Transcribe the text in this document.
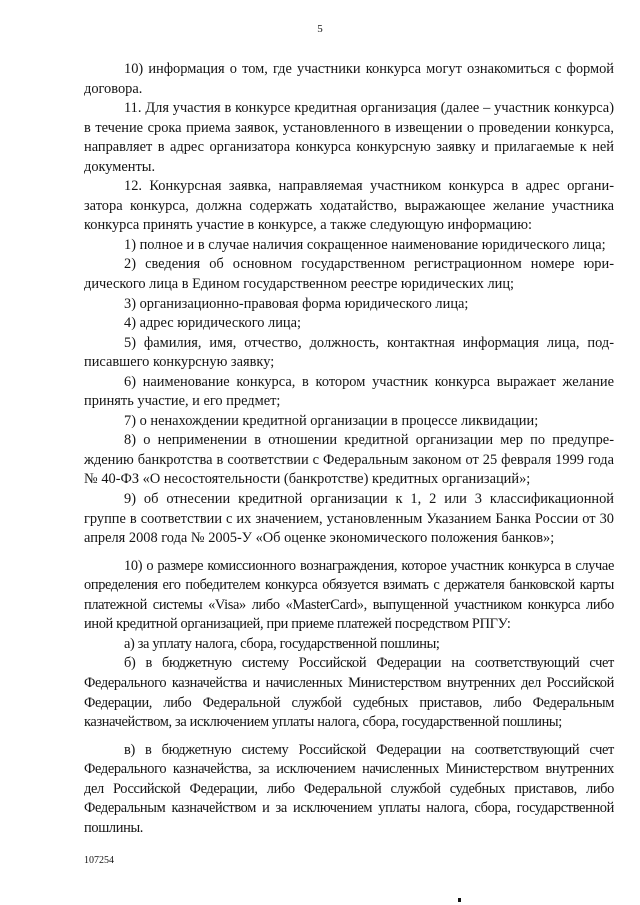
5

10) информация о том, где участники конкурса могут ознакомиться с формой договора.

11. Для участия в конкурсе кредитная организация (далее – участник конкурса) в течение срока приема заявок, установленного в извещении о проведении конкурса, направляет в адрес организатора конкурса конкурсную заявку и прилагаемые к ней документы.

12. Конкурсная заявка, направляемая участником конкурса в адрес организатора конкурса, должна содержать ходатайство, выражающее желание участника конкурса принять участие в конкурсе, а также следующую информацию:

1) полное и в случае наличия сокращенное наименование юридического лица;

2) сведения об основном государственном регистрационном номере юридического лица в Едином государственном реестре юридических лиц;

3) организационно-правовая форма юридического лица;

4) адрес юридического лица;

5) фамилия, имя, отчество, должность, контактная информация лица, подписавшего конкурсную заявку;

6) наименование конкурса, в котором участник конкурса выражает желание принять участие, и его предмет;

7) о ненахождении кредитной организации в процессе ликвидации;

8) о неприменении в отношении кредитной организации мер по предупреждению банкротства в соответствии с Федеральным законом от 25 февраля 1999 года № 40-ФЗ «О несостоятельности (банкротстве) кредитных организаций»;

9) об отнесении кредитной организации к 1, 2 или 3 классификационной группе в соответствии с их значением, установленным Указанием Банка России от 30 апреля 2008 года № 2005-У «Об оценке экономического положения банков»;

10) о размере комиссионного вознаграждения, которое участник конкурса в случае определения его победителем конкурса обязуется взимать с держателя банковской карты платежной системы «Visa» либо «MasterCard», выпущенной участником конкурса либо иной кредитной организацией, при приеме платежей посредством РПГУ:

а) за уплату налога, сбора, государственной пошлины;

б) в бюджетную систему Российской Федерации на соответствующий счет Федерального казначейства и начисленных Министерством внутренних дел Российской Федерации, либо Федеральной службой судебных приставов, либо Федеральным казначейством, за исключением уплаты налога, сбора, государственной пошлины;

в) в бюджетную систему Российской Федерации на соответствующий счет Федерального казначейства, за исключением начисленных Министерством внутренних дел Российской Федерации, либо Федеральной службой судебных приставов, либо Федеральным казначейством и за исключением уплаты налога, сбора, государственной пошлины.

107254
